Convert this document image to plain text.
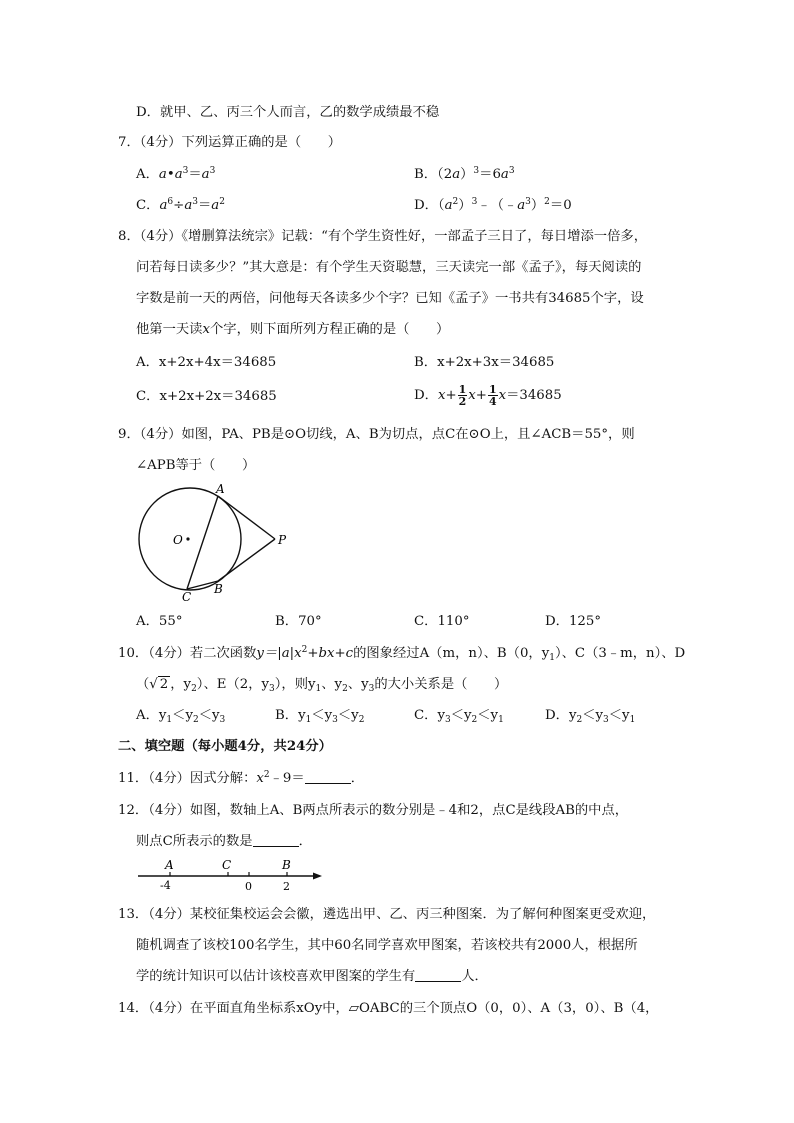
D．就甲、乙、丙三个人而言，乙的数学成绩最不稳
7．（4分）下列运算正确的是（　　）
A．$a•a^3=a^3$	B．$(2a)^3=6a^3$
C．$a^6\div a^3=a^2$	D．$(a^2)^3﹣(﹣a^3)^2=0$
8．（4分）《增删算法统宗》记载：“有个学生资性好，一部孟子三日了，每日增添一倍多，
问若每日读多少？”其大意是：有个学生天资聪慧，三天读完一部《孟子》，每天阅读的
字数是前一天的两倍，问他每天各读多少个字？已知《孟子》一书共有34685个字，设
他第一天读x个字，则下面所列方程正确的是（　　）
A．x+2x+4x＝34685	B．x+2x+3x＝34685
C．x+2x+2x＝34685	D．$x+ \frac{1}{2} x+ \frac{1}{4} x=34685$
9．（4分）如图，PA、PB是⊙O切线，A、B为切点，点C在⊙O上，且∠ACB＝55°，则
∠APB等于（　　）
A
B
C
O	P
A．55°	B．70°	C．110°	D．125°
10．（4分）若二次函数$y=|a|x^2+bx+c$的图象经过A（m，n）、B（0，$y_1$）、C（3﹣m，n）、D
（√ 2 ，$y_2$）、E（2，$y_3$），则$y_1$、$y_2$、$y_3$的大小关系是（　　）
A．$y_1<y_2<y_3$	B．$y_1<y_3<y_2$	C．$y_3<y_2<y_1$	D．$y_2<y_3<y_1$
二、填空题（每小题4分，共24分）
11．（4分）因式分解：$x^2﹣9=$	．
12．（4分）如图，数轴上A、B两点所表示的数分别是﹣4和2，点C是线段AB的中点，
则点C所表示的数是	．
A	C	B
-4	0	2
13．（4分）某校征集校运会会徽，遴选出甲、乙、丙三种图案．为了解何种图案更受欢迎，
随机调查了该校100名学生，其中60名同学喜欢甲图案，若该校共有2000人，根据所
学的统计知识可以估计该校喜欢甲图案的学生有	人．
14．（4分）在平面直角坐标系xOy中，▱OABC的三个顶点O（0，0）、A（3，0）、B（4，
